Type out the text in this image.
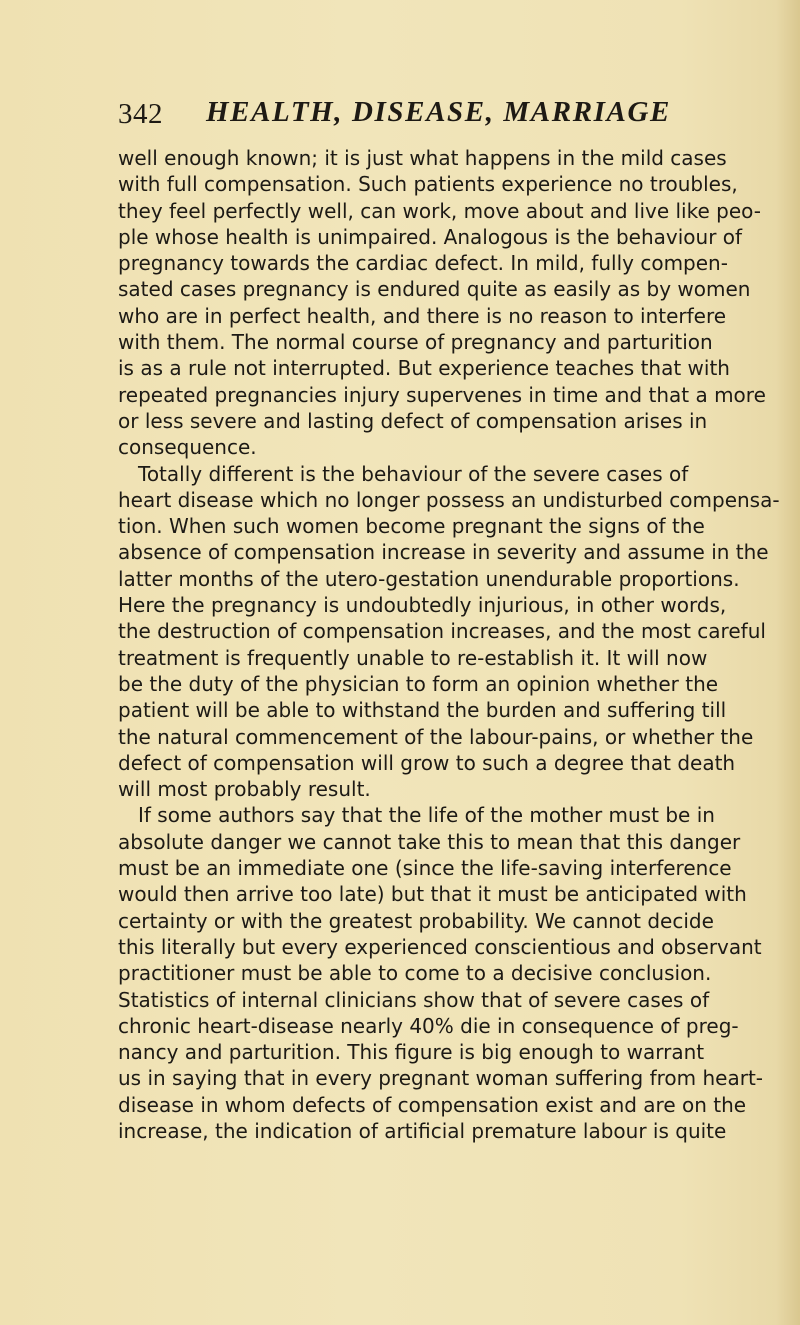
342 HEALTH, DISEASE, MARRIAGE
well enough known; it is just what happens in the mild cases
with full compensation. Such patients experience no troubles,
they feel perfectly well, can work, move about and live like peo-
ple whose health is unimpaired. Analogous is the behaviour of
pregnancy towards the cardiac defect. In mild, fully compen-
sated cases pregnancy is endured quite as easily as by women
who are in perfect health, and there is no reason to interfere
with them. The normal course of pregnancy and parturition
is as a rule not interrupted. But experience teaches that with
repeated pregnancies injury supervenes in time and that a more
or less severe and lasting defect of compensation arises in
consequence.
Totally different is the behaviour of the severe cases of
heart disease which no longer possess an undisturbed compensa-
tion. When such women become pregnant the signs of the
absence of compensation increase in severity and assume in the
latter months of the utero-gestation unendurable proportions.
Here the pregnancy is undoubtedly injurious, in other words,
the destruction of compensation increases, and the most careful
treatment is frequently unable to re-establish it. It will now
be the duty of the physician to form an opinion whether the
patient will be able to withstand the burden and suffering till
the natural commencement of the labour-pains, or whether the
defect of compensation will grow to such a degree that death
will most probably result.
If some authors say that the life of the mother must be in
absolute danger we cannot take this to mean that this danger
must be an immediate one (since the life-saving interference
would then arrive too late) but that it must be anticipated with
certainty or with the greatest probability. We cannot decide
this literally but every experienced conscientious and observant
practitioner must be able to come to a decisive conclusion.
Statistics of internal clinicians show that of severe cases of
chronic heart-disease nearly 40% die in consequence of preg-
nancy and parturition. This figure is big enough to warrant
us in saying that in every pregnant woman suffering from heart-
disease in whom defects of compensation exist and are on the
increase, the indication of artificial premature labour is quite
